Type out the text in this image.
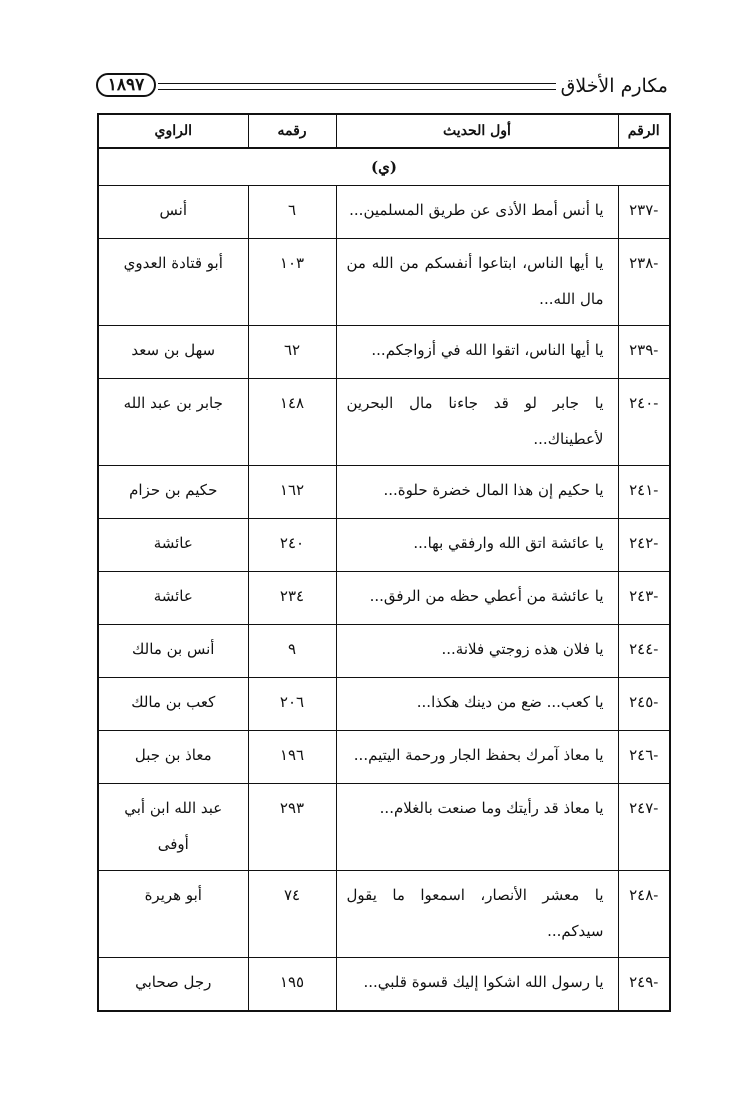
مكارم الأخلاق
١٨٩٧
الرقم	أول الحديث	رقمه	الراوي
(ي)			
-٢٣٧	يا أنس أمط الأذى عن طريق المسلمين...	٦	أنس
-٢٣٨	يا أيها الناس، ابتاعوا أنفسكم من الله من مال الله...	١٠٣	أبو قتادة العدوي
-٢٣٩	يا أيها الناس، اتقوا الله في أزواجكم...	٦٢	سهل بن سعد
-٢٤٠	يا جابر لو قد جاءنا مال البحرين لأعطيناك...	١٤٨	جابر بن عبد الله
-٢٤١	يا حكيم إن هذا المال خضرة حلوة...	١٦٢	حكيم بن حزام
-٢٤٢	يا عائشة اتق الله وارفقي بها...	٢٤٠	عائشة
-٢٤٣	يا عائشة من أعطي حظه من الرفق...	٢٣٤	عائشة
-٢٤٤	يا فلان هذه زوجتي فلانة...	٩	أنس بن مالك
-٢٤٥	يا كعب... ضع من دينك هكذا...	٢٠٦	كعب بن مالك
-٢٤٦	يا معاذ آمرك بحفظ الجار ورحمة اليتيم...	١٩٦	معاذ بن جبل
-٢٤٧	يا معاذ قد رأيتك وما صنعت بالغلام...	٢٩٣	عبد الله ابن أبي أوفى
-٢٤٨	يا معشر الأنصار، اسمعوا ما يقول سيدكم...	٧٤	أبو هريرة
-٢٤٩	يا رسول الله اشكوا إليك قسوة قلبي...	١٩٥	رجل صحابي
